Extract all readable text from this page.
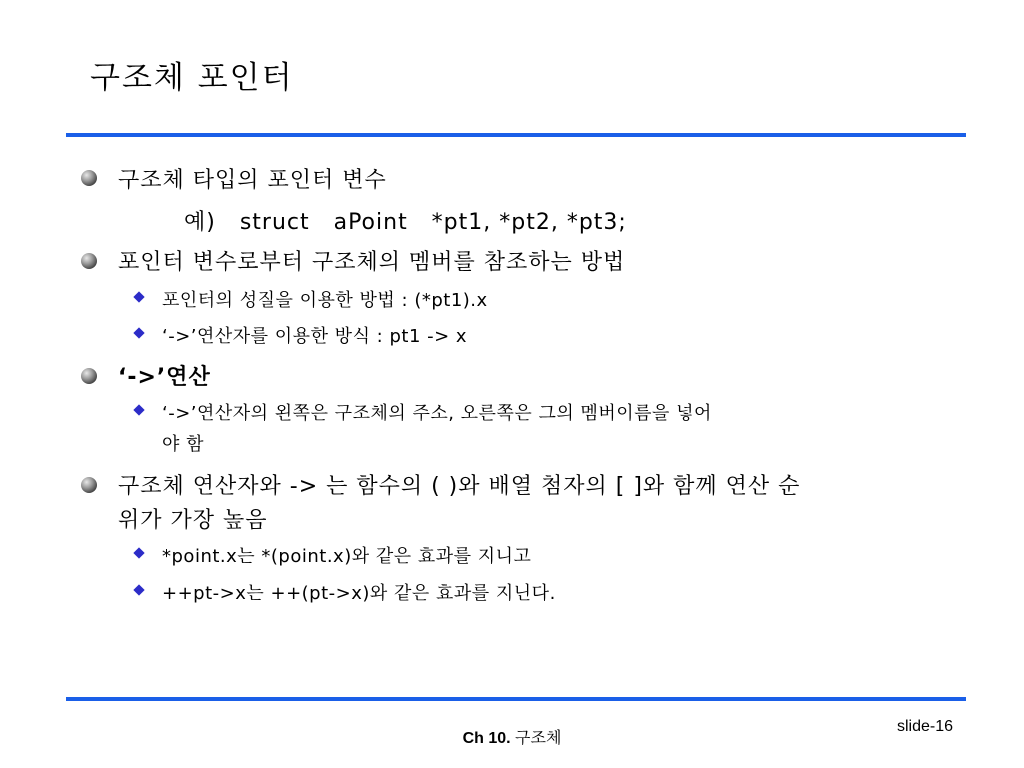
구조체 포인터
구조체 타입의 포인터 변수
예)   struct   aPoint   *pt1, *pt2, *pt3;
포인터 변수로부터 구조체의 멤버를 참조하는 방법
포인터의 성질을 이용한 방법 : (*pt1).x
‘->’연산자를 이용한 방식 : pt1 -> x
‘->’연산
‘->’연산자의 왼쪽은 구조체의 주소, 오른쪽은 그의 멤버이름을 넣어
야 함
구조체 연산자와 -> 는 함수의 ( )와 배열 첨자의 [ ]와 함께 연산 순
위가 가장 높음
*point.x는 *(point.x)와 같은 효과를 지니고
++pt->x는 ++(pt->x)와 같은 효과를 지닌다.
Ch 10. 구조체
slide-16
